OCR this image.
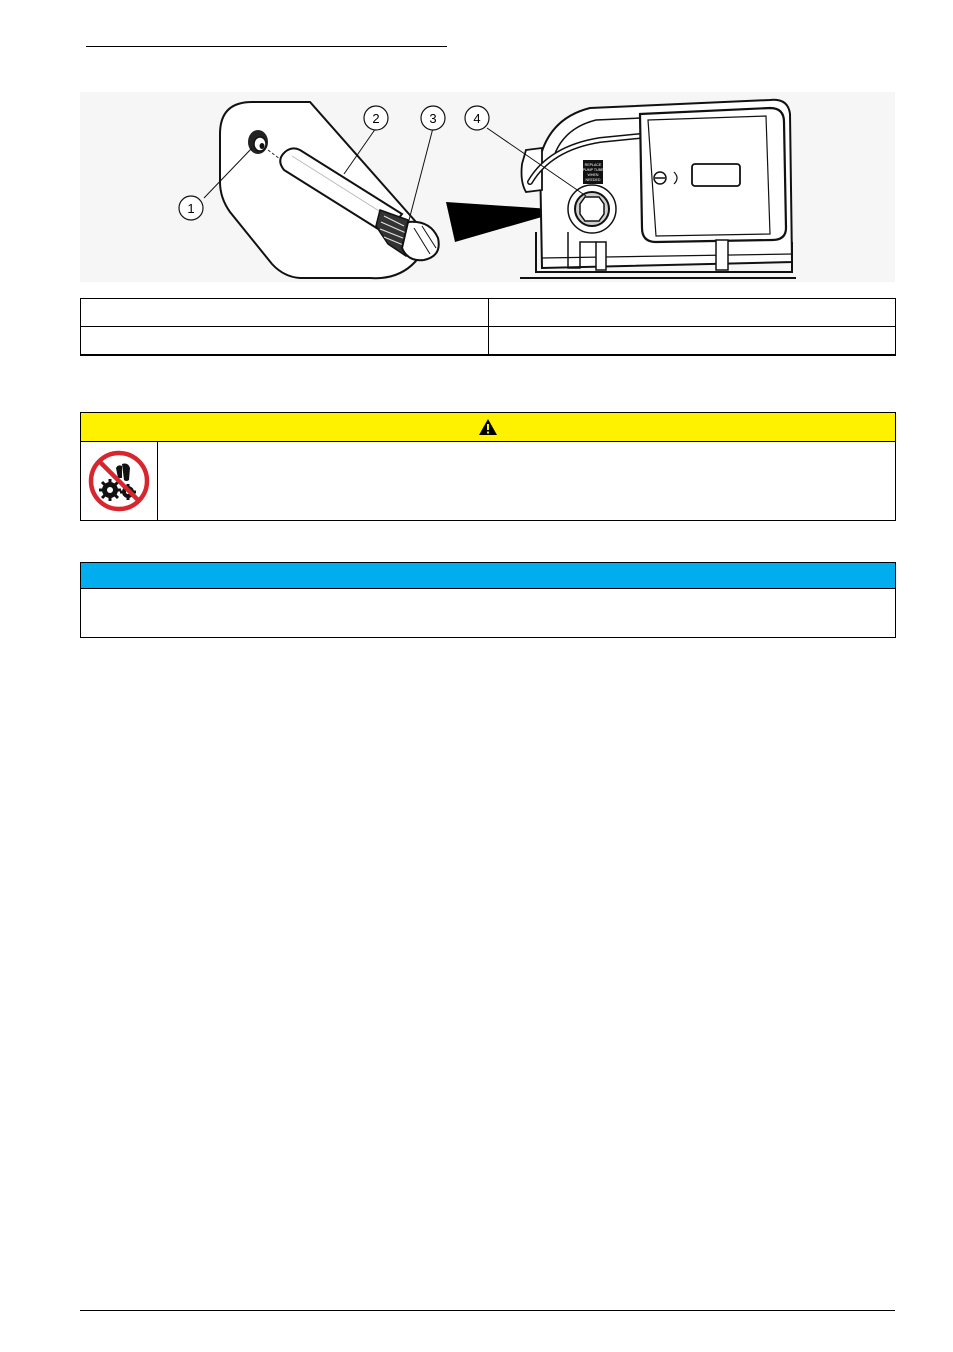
REPLACE
PUMP TUBE
WHEN
NEEDED
1
2	3	4
